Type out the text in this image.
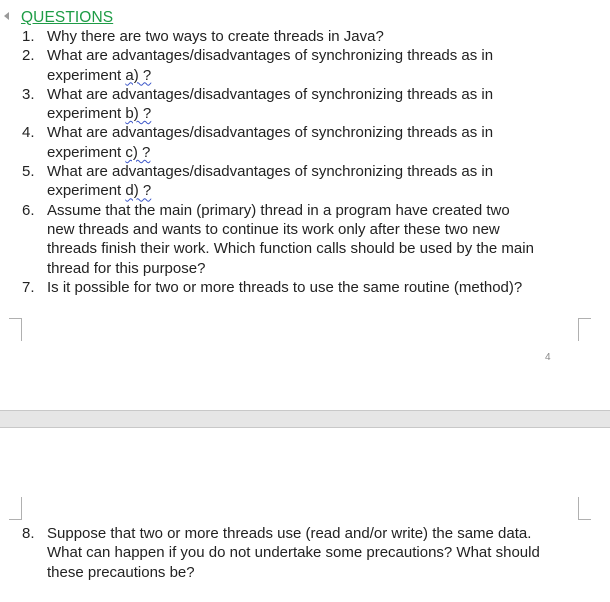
QUESTIONS
1. Why there are two ways to create threads in Java?
2. What are advantages/disadvantages of synchronizing threads as in
experiment a) ?
3. What are advantages/disadvantages of synchronizing threads as in
experiment b) ?
4. What are advantages/disadvantages of synchronizing threads as in
experiment c) ?
5. What are advantages/disadvantages of synchronizing threads as in
experiment d) ?
6. Assume that the main (primary) thread in a program have created two
new threads and wants to continue its work only after these two new
threads finish their work. Which function calls should be used by the main
thread for this purpose?
7. Is it possible for two or more threads to use the same routine (method)?
4
8. Suppose that two or more threads use (read and/or write) the same data.
What can happen if you do not undertake some precautions? What should
these precautions be?
